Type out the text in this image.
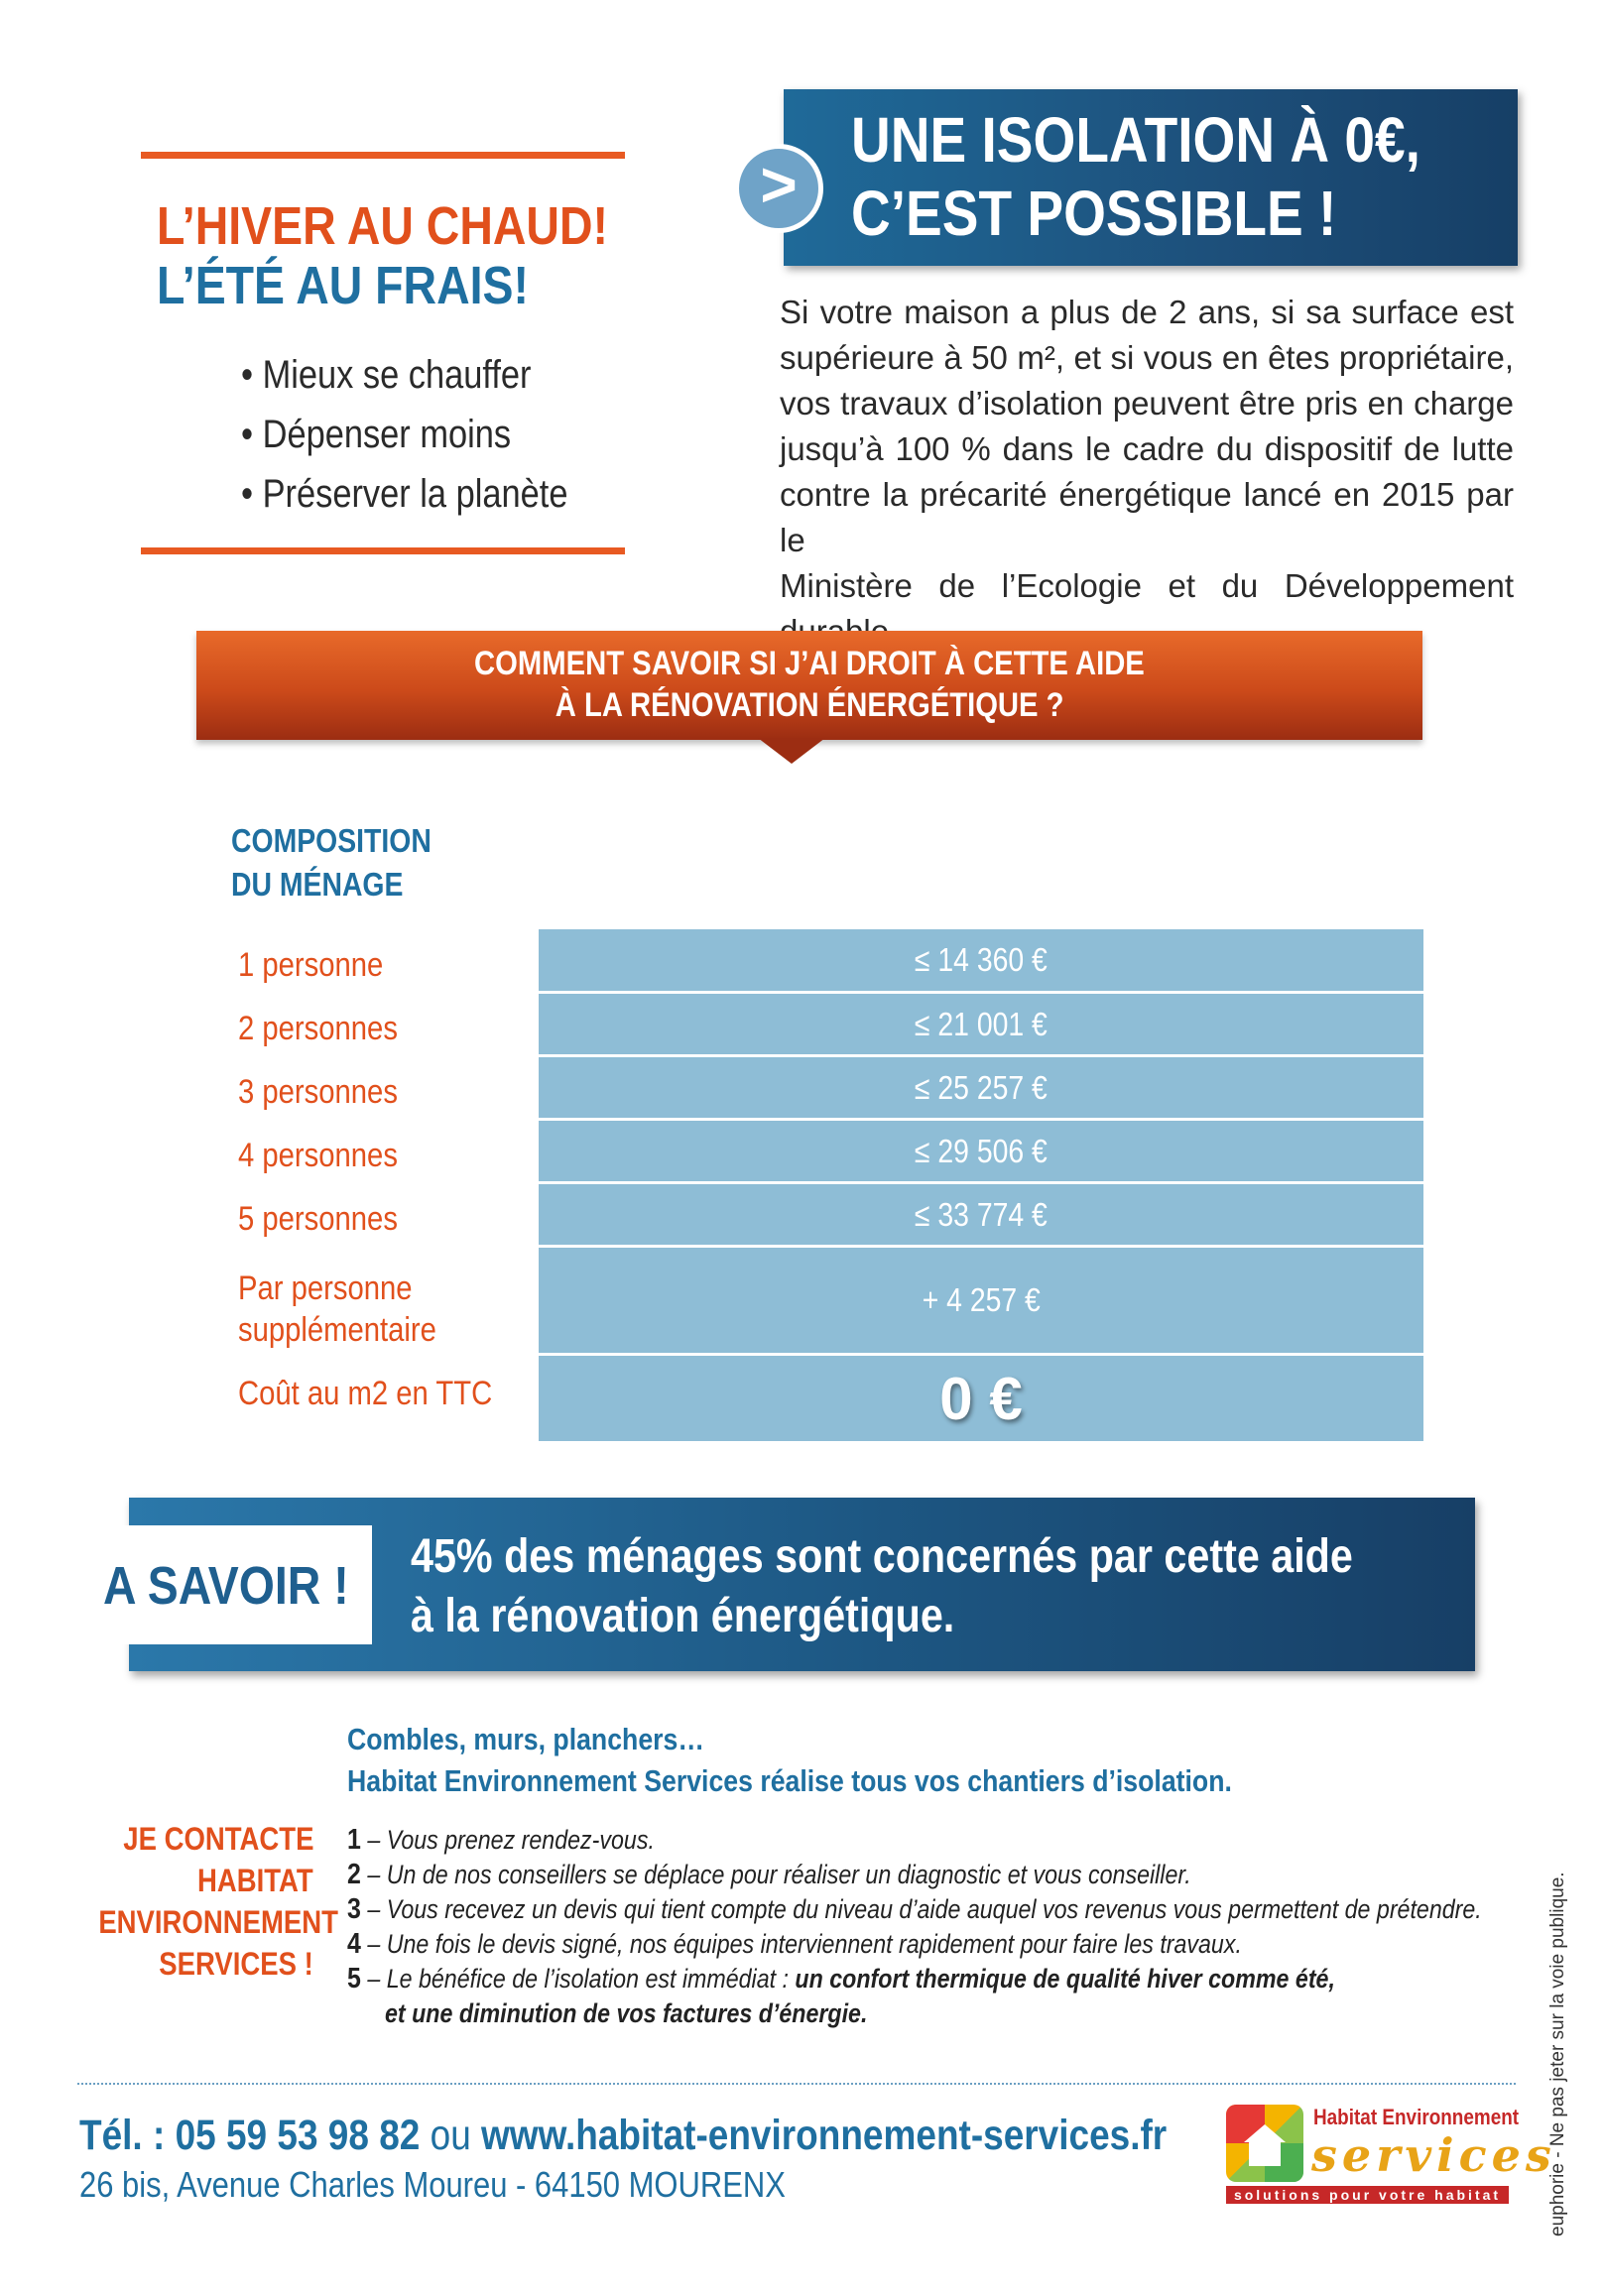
L’HIVER AU CHAUD!
L’ÉTÉ AU FRAIS!
• Mieux se chauffer
• Dépenser moins
• Préserver la planète
UNE ISOLATION À 0€,
C’EST POSSIBLE !
>
Si votre maison a plus de 2 ans, si sa surface est
supérieure à 50 m², et si vous en êtes propriétaire,
vos travaux d’isolation peuvent être pris en charge
jusqu’à 100 % dans le cadre du dispositif de lutte
contre la précarité énergétique lancé en 2015 par le
Ministère de l’Ecologie et du Développement
COMMENT SAVOIR SI J’AI DROIT À CETTE AIDE
À LA RÉNOVATION ÉNERGÉTIQUE ?
COMPOSITION
DU MÉNAGE
1 personne
2 personnes
3 personnes
4 personnes
5 personnes
Par personne
supplémentaire
Coût au m2 en TTC
≤ 14 360 €
≤ 21 001 €
≤ 25 257 €
≤ 29 506 €
≤ 33 774 €
+ 4 257 €
0 €
A SAVOIR !	45% des ménages sont concernés par cette aide
à la rénovation énergétique.
Combles, murs, planchers…
Habitat Environnement Services réalise tous vos chantiers d’isolation.
JE CONTACTE
HABITAT
ENVIRONNEMENT
SERVICES !
1 – Vous prenez rendez-vous.
2 – Un de nos conseillers se déplace pour réaliser un diagnostic et vous conseiller.
3 – Vous recevez un devis qui tient compte du niveau d’aide auquel vos revenus vous permettent de prétendre.
4 – Une fois le devis signé, nos équipes interviennent rapidement pour faire les travaux.
5 – Le bénéfice de l’isolation est immédiat : un confort thermique de qualité hiver comme été,
et une diminution de vos factures d’énergie.
Tél. : 05 59 53 98 82 ou www.habitat-environnement-services.fr
26 bis, Avenue Charles Moureu - 64150 MOURENX
Habitat Environnement
services
solutions pour votre habitat	euphorie - Ne pas jeter sur la voie publique.
